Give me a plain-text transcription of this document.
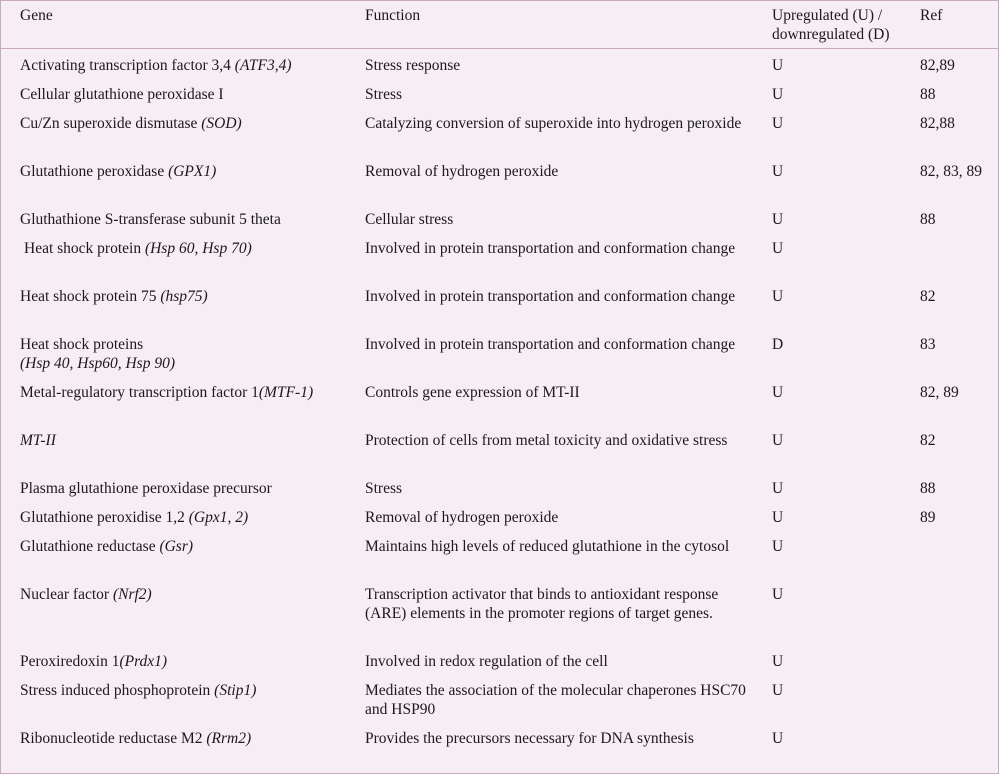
Gene	Function	Upregulated (U) / downregulated (D)	Ref
Activating transcription factor 3,4 (ATF3,4)	Stress response	U	82,89
Cellular glutathione peroxidase I	Stress	U	88
Cu/Zn superoxide dismutase (SOD)	Catalyzing conversion of superoxide into hydrogen peroxide	U	82,88
Glutathione peroxidase (GPX1)	Removal of hydrogen peroxide	U	82, 83, 89
Gluthathione S-transferase subunit 5 theta	Cellular stress	U	88
Heat shock protein (Hsp 60, Hsp 70)	Involved in protein transportation and conformation change	U	
Heat shock protein 75 (hsp75)	Involved in protein transportation and conformation change	U	82
Heat shock proteins
(Hsp 40, Hsp60, Hsp 90)	Involved in protein transportation and conformation change	D	83
Metal-regulatory transcription factor 1(MTF-1)	Controls gene expression of MT-II	U	82, 89
MT-II	Protection of cells from metal toxicity and oxidative stress	U	82
Plasma glutathione peroxidase precursor	Stress	U	88
Glutathione peroxidise 1,2 (Gpx1, 2)	Removal of hydrogen peroxide	U	89
Glutathione reductase (Gsr)	Maintains high levels of reduced glutathione in the cytosol	U	
Nuclear factor (Nrf2)	Transcription activator that binds to antioxidant response (ARE) elements in the promoter regions of target genes.	U	
Peroxiredoxin 1(Prdx1)	Involved in redox regulation of the cell	U	
Stress induced phosphoprotein (Stip1)	Mediates the association of the molecular chaperones HSC70 and HSP90	U	
Ribonucleotide reductase M2 (Rrm2)	Provides the precursors necessary for DNA synthesis	U	
